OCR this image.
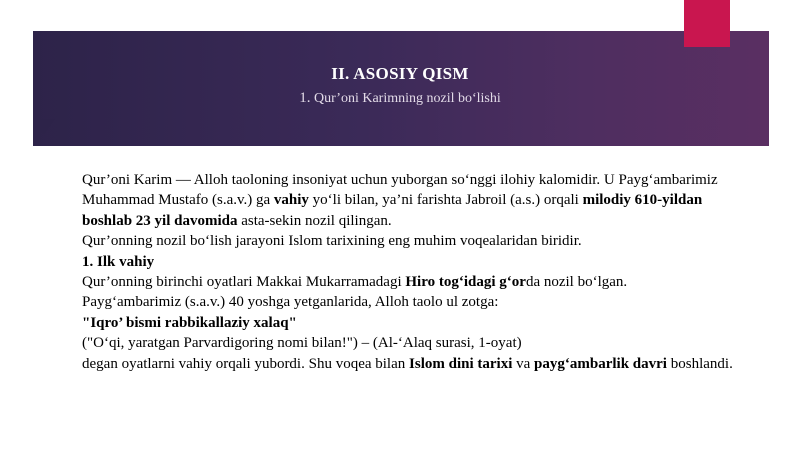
II. ASOSIY QISM
1. Qur’oni Karimning nozil bo‘lishi

Qur’oni Karim — Alloh taoloning insoniyat uchun yuborgan so‘nggi ilohiy kalomidir. U Payg‘ambarimiz Muhammad Mustafo (s.a.v.) ga vahiy yo‘li bilan, ya’ni farishta Jabroil (a.s.) orqali milodiy 610-yildan boshlab 23 yil davomida asta-sekin nozil qilingan.

Qur’onning nozil bo‘lish jarayoni Islom tarixining eng muhim voqealaridan biridir.

1. Ilk vahiy

Qur’onning birinchi oyatlari Makkai Mukarramadagi Hiro tog‘idagi g‘orda nozil bo‘lgan.

Payg‘ambarimiz (s.a.v.) 40 yoshga yetganlarida, Alloh taolo ul zotga:

"Iqro’ bismi rabbikallaziy xalaq"

("O‘qi, yaratgan Parvardigoring nomi bilan!") – (Al-‘Alaq surasi, 1-oyat)

degan oyatlarni vahiy orqali yubordi. Shu voqea bilan Islom dini tarixi va payg‘ambarlik davri boshlandi.
